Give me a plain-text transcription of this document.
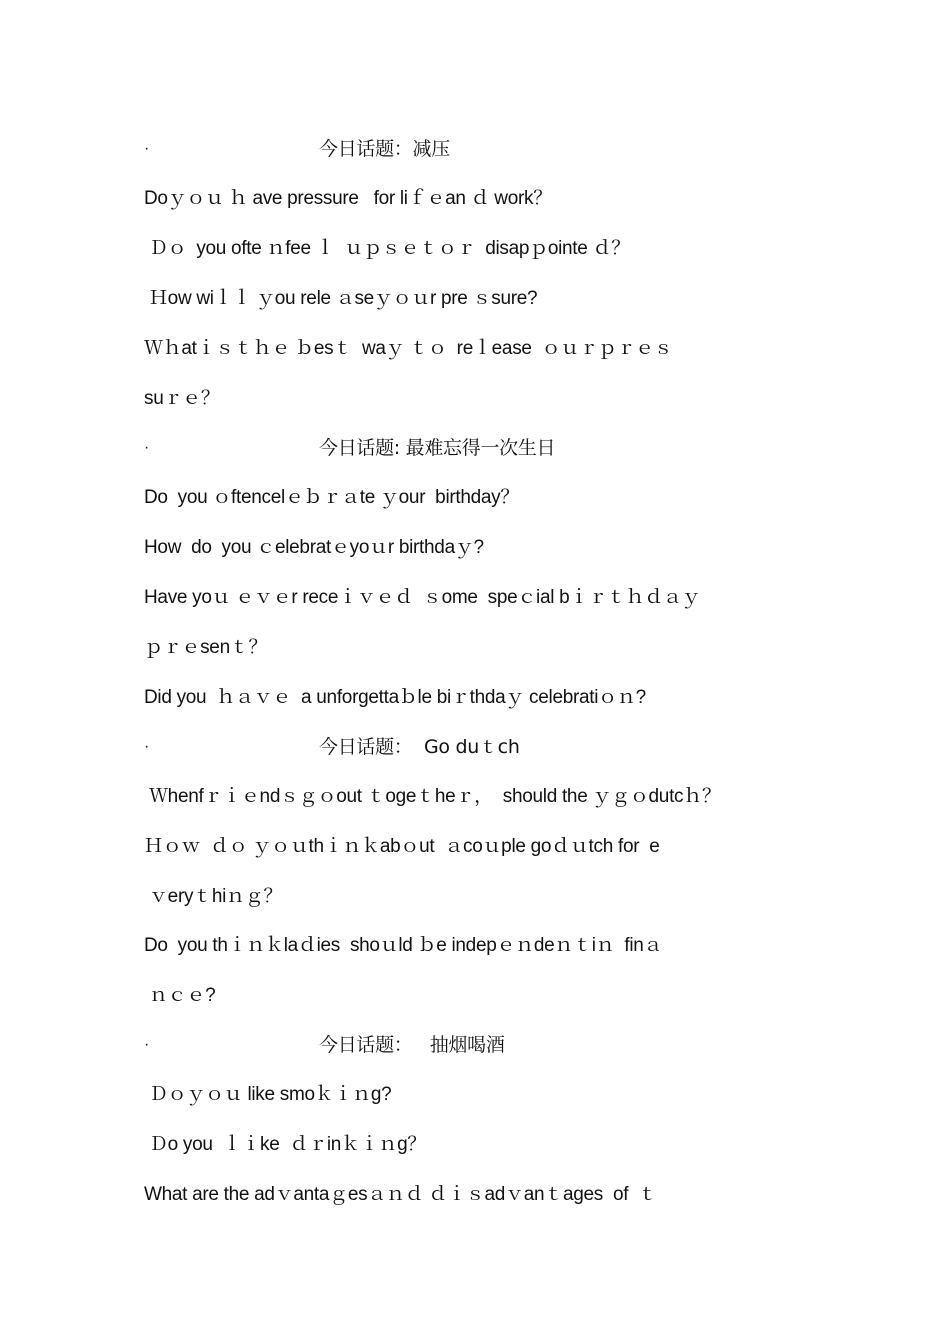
·

	今日话题：减压

Doｙｏｕ ｈ ave pressure   for liｆｅan ｄ work？
Ｄｏ  you ofte ｎfee ｌ  ｕｐｓｅｔｏｒ  disapｐointe ｄ？
Ｈow wiｌｌ ｙou rele ａseｙｏｕr pre ｓsure?
Ｗｈatｉｓｔｈｅ ｂesｔ  waｙ ｔｏ  reｌease  ｏｕｒｐｒｅｓ
suｒｅ？

·

	今日话题: 最难忘得一次生日

Do  you ｏftencelｅｂｒａte ｙour  birthday？
How  do  you ｃelebratｅyoｕr birthdaｙ?
Have yoｕ ｅｖｅr receｉｖｅｄ  ｓome  speｃial bｉｒｔｈｄａｙ
ｐｒｅsenｔ？
Did you  ｈａｖｅ  a unforgettaｂle biｒthdaｙ celebratiｏｎ?

·

	今日话题：  Go duｔch

Ｗhenfｒｉｅndｓｇｏout ｔogeｔheｒ，  should the ｙｇｏdutcｈ？
Ｈｏｗ  ｄｏ ｙｏｕthｉｎｋabｏut  ａcoｕple goｄｕtch for  e
ｖeryｔhiｎｇ？
Do  you thｉｎｋlaｄies  shoｕld ｂe indepｅｎdeｎｔiｎ  finａ
ｎｃｅ?

·

	今日话题：   抽烟喝酒

Ｄｏｙｏｕ like smoｋｉｎg?
Ｄo you  ｌｉke  ｄｒinｋｉｎg？
What are the adｖantaｇesａｎｄ ｄｉｓadｖanｔages  of  ｔ
